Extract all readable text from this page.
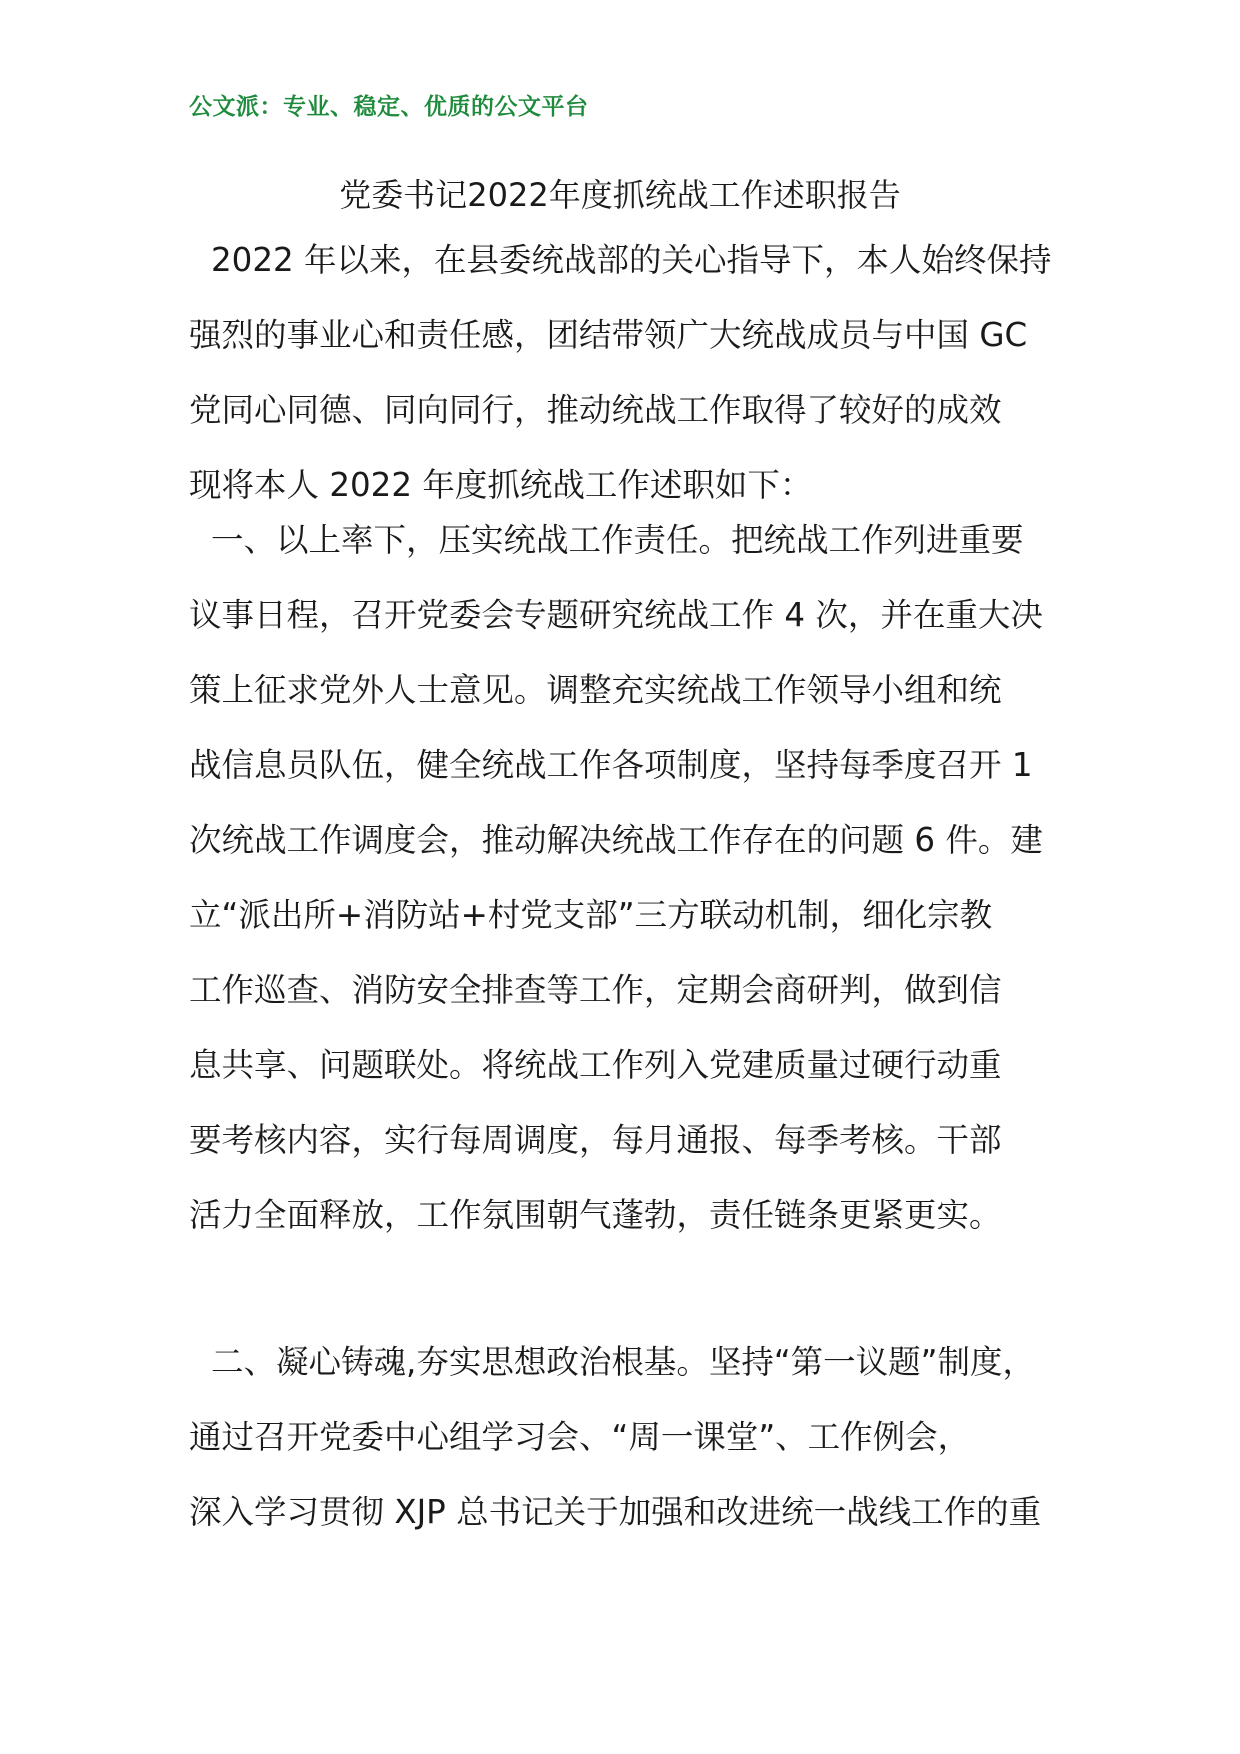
公文派：专业、稳定、优质的公文平台
党委书记2022年度抓统战工作述职报告
2022 年以来，在县委统战部的关心指导下，本人始终保持
强烈的事业心和责任感，团结带领广大统战成员与中国 GC
党同心同德、同向同行，推动统战工作取得了较好的成效
现将本人 2022 年度抓统战工作述职如下：
一、以上率下，压实统战工作责任。把统战工作列进重要
议事日程，召开党委会专题研究统战工作 4 次，并在重大决
策上征求党外人士意见。调整充实统战工作领导小组和统
战信息员队伍，健全统战工作各项制度，坚持每季度召开 1
次统战工作调度会，推动解决统战工作存在的问题 6 件。建
立“派出所+消防站+村党支部”三方联动机制，细化宗教
工作巡查、消防安全排查等工作，定期会商研判，做到信
息共享、问题联处。将统战工作列入党建质量过硬行动重
要考核内容，实行每周调度，每月通报、每季考核。干部
活力全面释放，工作氛围朝气蓬勃，责任链条更紧更实。
二、凝心铸魂,夯实思想政治根基。坚持“第一议题”制度，
通过召开党委中心组学习会、“周一课堂”、工作例会，
深入学习贯彻 XJP 总书记关于加强和改进统一战线工作的重
